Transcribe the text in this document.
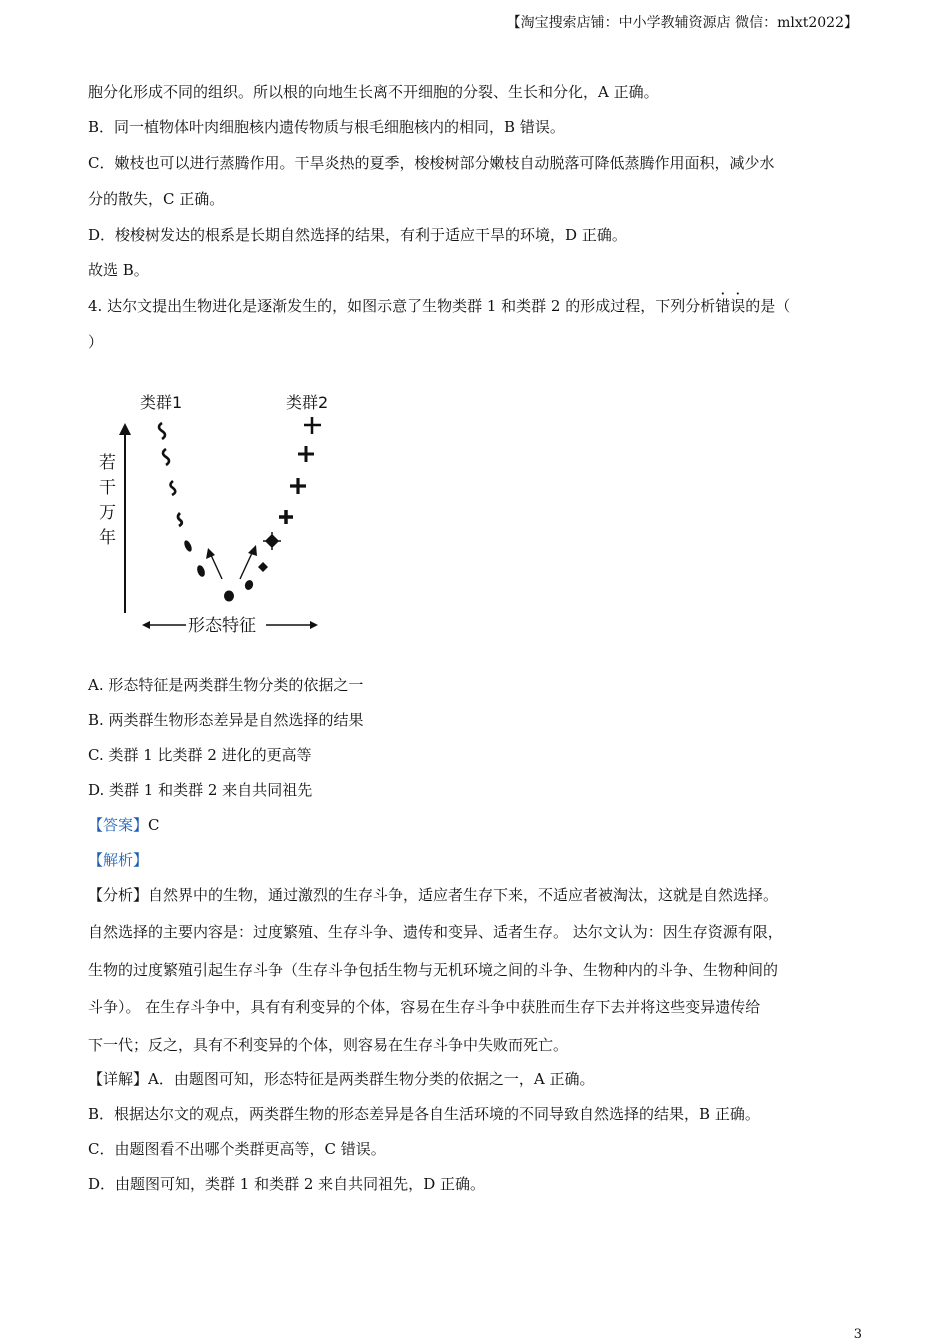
【淘宝搜索店铺：中小学教辅资源店 微信：mlxt2022】
胞分化形成不同的组织。所以根的向地生长离不开细胞的分裂、生长和分化，A 正确。
B．同一植物体叶肉细胞核内遗传物质与根毛细胞核内的相同，B 错误。
C．嫩枝也可以进行蒸腾作用。干旱炎热的夏季，梭梭树部分嫩枝自动脱落可降低蒸腾作用面积，减少水
分的散失，C 正确。
D．梭梭树发达的根系是长期自然选择的结果，有利于适应干旱的环境，D 正确。
故选 B。
4. 达尔文提出生物进化是逐渐发生的，如图示意了生物类群 1 和类群 2 的形成过程，下列分析错误的是（
）
类群1	类群2
若
干
万
年
形态特征
A. 形态特征是两类群生物分类的依据之一
B. 两类群生物形态差异是自然选择的结果
C. 类群 1 比类群 2 进化的更高等
D. 类群 1 和类群 2 来自共同祖先
【答案】C
【解析】
【分析】自然界中的生物，通过激烈的生存斗争，适应者生存下来，不适应者被淘汰，这就是自然选择。
自然选择的主要内容是：过度繁殖、生存斗争、遗传和变异、适者生存。 达尔文认为：因生存资源有限，
生物的过度繁殖引起生存斗争（生存斗争包括生物与无机环境之间的斗争、生物种内的斗争、生物种间的
斗争）。 在生存斗争中，具有有利变异的个体，容易在生存斗争中获胜而生存下去并将这些变异遗传给
下一代；反之，具有不利变异的个体，则容易在生存斗争中失败而死亡。
【详解】A．由题图可知，形态特征是两类群生物分类的依据之一，A 正确。
B．根据达尔文的观点，两类群生物的形态差异是各自生活环境的不同导致自然选择的结果，B 正确。
C．由题图看不出哪个类群更高等，C 错误。
D．由题图可知，类群 1 和类群 2 来自共同祖先，D 正确。
3
